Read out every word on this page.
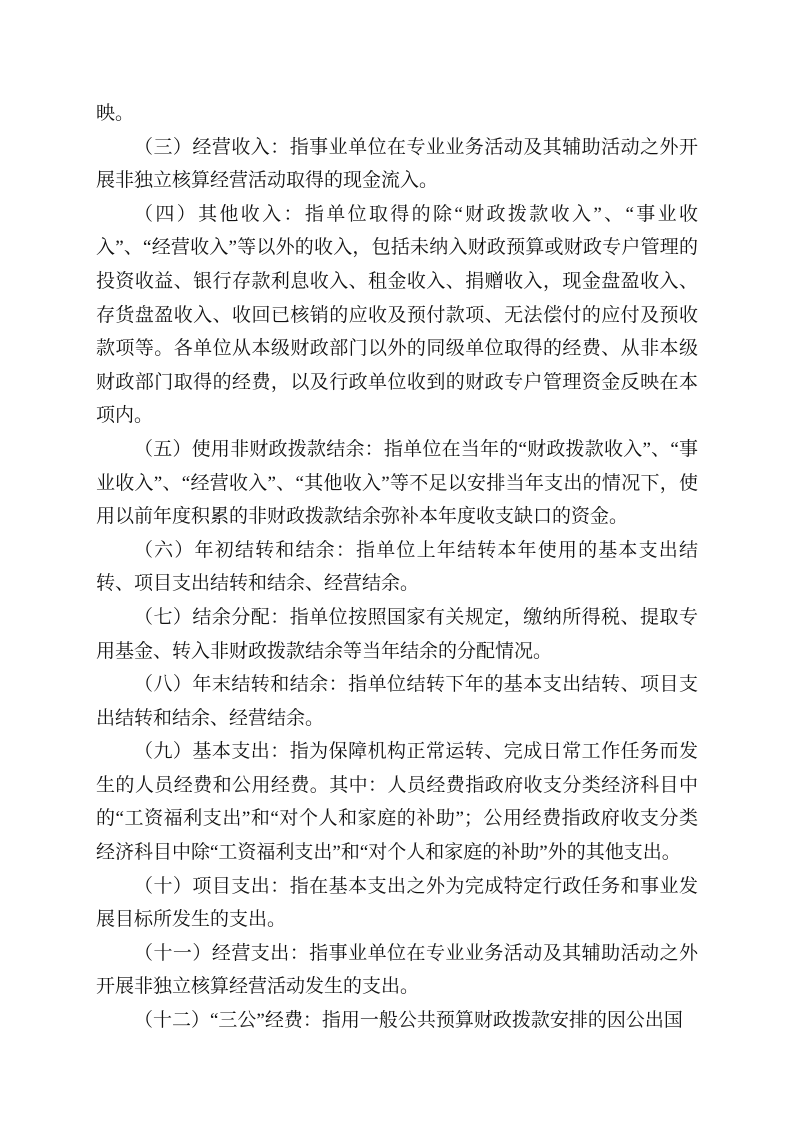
映。

（三）经营收入：指事业单位在专业业务活动及其辅助活动之外开展非独立核算经营活动取得的现金流入。

（四）其他收入：指单位取得的除“财政拨款收入”、“事业收入”、“经营收入”等以外的收入，包括未纳入财政预算或财政专户管理的投资收益、银行存款利息收入、租金收入、捐赠收入，现金盘盈收入、存货盘盈收入、收回已核销的应收及预付款项、无法偿付的应付及预收款项等。各单位从本级财政部门以外的同级单位取得的经费、从非本级财政部门取得的经费，以及行政单位收到的财政专户管理资金反映在本项内。

（五）使用非财政拨款结余：指单位在当年的“财政拨款收入”、“事业收入”、“经营收入”、“其他收入”等不足以安排当年支出的情况下，使用以前年度积累的非财政拨款结余弥补本年度收支缺口的资金。

（六）年初结转和结余：指单位上年结转本年使用的基本支出结转、项目支出结转和结余、经营结余。

（七）结余分配：指单位按照国家有关规定，缴纳所得税、提取专用基金、转入非财政拨款结余等当年结余的分配情况。

（八）年末结转和结余：指单位结转下年的基本支出结转、项目支出结转和结余、经营结余。

（九）基本支出：指为保障机构正常运转、完成日常工作任务而发生的人员经费和公用经费。其中：人员经费指政府收支分类经济科目中的“工资福利支出”和“对个人和家庭的补助”；公用经费指政府收支分类经济科目中除“工资福利支出”和“对个人和家庭的补助”外的其他支出。

（十）项目支出：指在基本支出之外为完成特定行政任务和事业发展目标所发生的支出。

（十一）经营支出：指事业单位在专业业务活动及其辅助活动之外开展非独立核算经营活动发生的支出。

（十二）“三公”经费：指用一般公共预算财政拨款安排的因公出国
